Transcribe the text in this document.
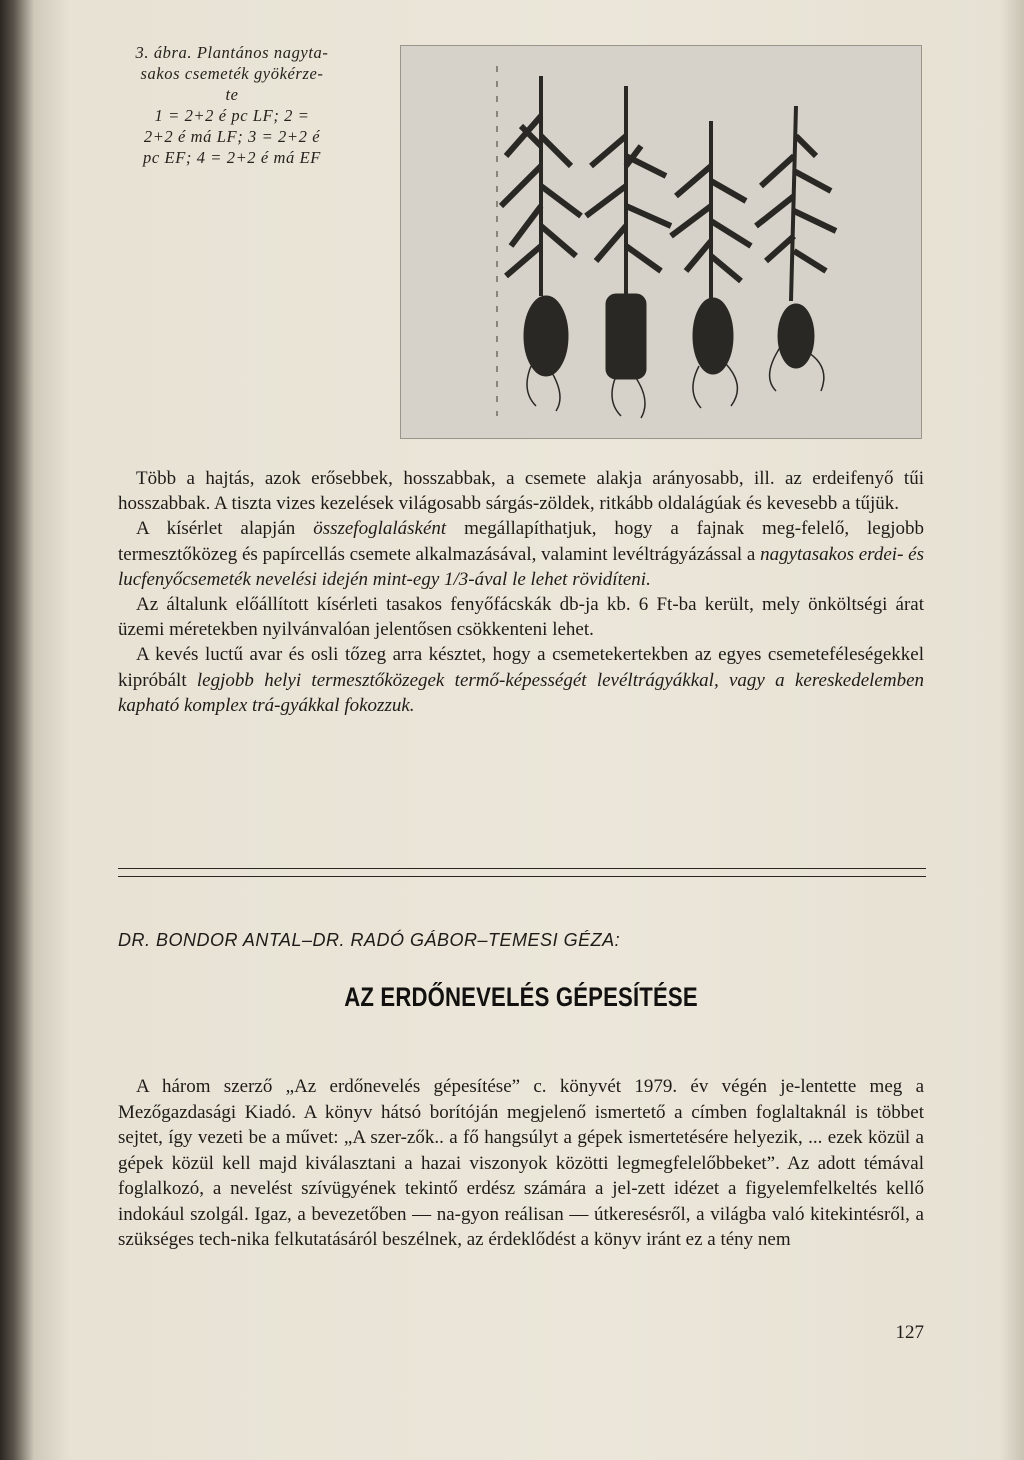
3. ábra. Plantános nagyta-
sakos csemeték gyökérze-
te
1 = 2+2 é pc LF; 2 =
2+2 é má LF; 3 = 2+2 é
pc EF; 4 = 2+2 é má EF

Több a hajtás, azok erősebbek, hosszabbak, a csemete alakja arányosabb, ill. az erdeifenyő tűi hosszabbak. A tiszta vizes kezelések világosabb sárgás-zöldek, ritkább oldalágúak és kevesebb a tűjük.

A kísérlet alapján összefoglalásként megállapíthatjuk, hogy a fajnak meg-felelő, legjobb termesztőközeg és papírcellás csemete alkalmazásával, valamint levéltrágyázással a nagytasakos erdei- és lucfenyőcsemeték nevelési idején mint-egy 1/3-ával le lehet rövidíteni.

Az általunk előállított kísérleti tasakos fenyőfácskák db-ja kb. 6 Ft-ba került, mely önköltségi árat üzemi méretekben nyilvánvalóan jelentősen csökkenteni lehet.

A kevés luctű avar és osli tőzeg arra késztet, hogy a csemetekertekben az egyes csemeteféleségekkel kipróbált legjobb helyi termesztőközegek termő-képességét levéltrágyákkal, vagy a kereskedelemben kapható komplex trá-gyákkal fokozzuk.

DR. BONDOR ANTAL–DR. RADÓ GÁBOR–TEMESI GÉZA:
AZ ERDŐNEVELÉS GÉPESÍTÉSE

A három szerző „Az erdőnevelés gépesítése” c. könyvét 1979. év végén je-lentette meg a Mezőgazdasági Kiadó. A könyv hátsó borítóján megjelenő ismertető a címben foglaltaknál is többet sejtet, így vezeti be a művet: „A szer-zők.. a fő hangsúlyt a gépek ismertetésére helyezik, ... ezek közül a gépek közül kell majd kiválasztani a hazai viszonyok közötti legmegfelelőbbeket”. Az adott témával foglalkozó, a nevelést szívügyének tekintő erdész számára a jel-zett idézet a figyelemfelkeltés kellő indokául szolgál. Igaz, a bevezetőben — na-gyon reálisan — útkeresésről, a világba való kitekintésről, a szükséges tech-nika felkutatásáról beszélnek, az érdeklődést a könyv iránt ez a tény nem

127
